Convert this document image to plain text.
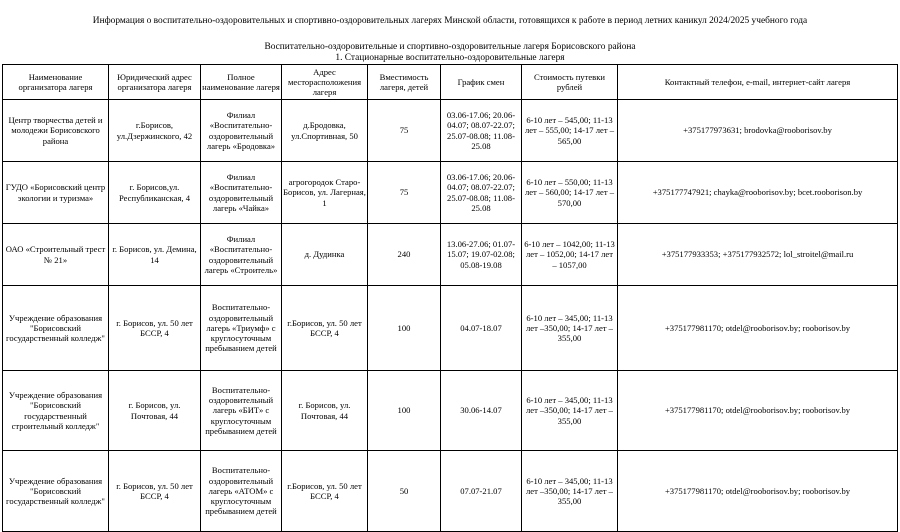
Информация о воспитательно-оздоровительных и спортивно-оздоровительных лагерях Минской области, готовящихся к работе в период летних каникул 2024/2025 учебного года
Воспитательно-оздоровительные и спортивно-оздоровительные лагеря Борисовского района
1. Стационарные воспитательно-оздоровительные лагеря
Наименование организатора лагеря	Юридический адрес организатора лагеря	Полное наименование лагеря	Адрес месторасположения лагеря	Вместимость лагеря, детей	График смен	Стоимость путевки рублей	Контактный телефон, e-mail, интернет-сайт лагеря
Центр творчества детей и молодежи Борисовского района	г.Борисов, ул.Дзержинского, 42	Филиал «Воспитательно-оздоровительный лагерь «Бродовка»	д.Бродовка, ул.Спортивная, 50	75	03.06-17.06; 20.06-04.07; 08.07-22.07; 25.07-08.08; 11.08-25.08	6-10 лет – 545,00; 11-13 лет – 555,00; 14-17 лет – 565,00	+375177973631; brodovka@rooborisov.by
ГУДО «Борисовский центр экологии и туризма»	г. Борисов,ул. Республиканская, 4	Филиал «Воспитательно-оздоровительный лагерь «Чайка»	агрогородок Старо-Борисов, ул. Лагерная, 1	75	03.06-17.06; 20.06-04.07; 08.07-22.07; 25.07-08.08; 11.08-25.08	6-10 лет – 550,00; 11-13 лет – 560,00; 14-17 лет – 570,00	+375177747921; chayka@rooborisov.by; bcet.rooborison.by
ОАО «Строительный трест № 21»	г. Борисов, ул. Демина, 14	Филиал «Воспитательно-оздоровительный лагерь «Строитель»	д. Дудинка	240	13.06-27.06; 01.07-15.07; 19.07-02.08; 05.08-19.08	6-10 лет – 1042,00; 11-13 лет – 1052,00; 14-17 лет – 1057,00	+375177933353; +375177932572; lol_stroitel@mail.ru
Учреждение образования "Борисовский государственный колледж"	г. Борисов, ул. 50 лет БССР, 4	Воспитательно-оздоровительный лагерь «Триумф» с круглосуточным пребыванием детей	г.Борисов, ул. 50 лет БССР, 4	100	04.07-18.07	6-10 лет – 345,00; 11-13 лет –350,00; 14-17 лет – 355,00	+375177981170; otdel@rooborisov.by; rooborisov.by
Учреждение образования "Борисовский государственный строительный колледж"	г. Борисов, ул. Почтовая, 44	Воспитательно-оздоровительный лагерь «БИТ» с круглосуточным пребыванием детей	г. Борисов, ул. Почтовая, 44	100	30.06-14.07	6-10 лет – 345,00; 11-13 лет –350,00; 14-17 лет – 355,00	+375177981170; otdel@rooborisov.by; rooborisov.by
Учреждение образования "Борисовский государственный колледж"	г. Борисов, ул. 50 лет БССР, 4	Воспитательно-оздоровительный лагерь «АТОМ» с круглосуточным пребыванием детей	г.Борисов, ул. 50 лет БССР, 4	50	07.07-21.07	6-10 лет – 345,00; 11-13 лет –350,00; 14-17 лет – 355,00	+375177981170; otdel@rooborisov.by; rooborisov.by
